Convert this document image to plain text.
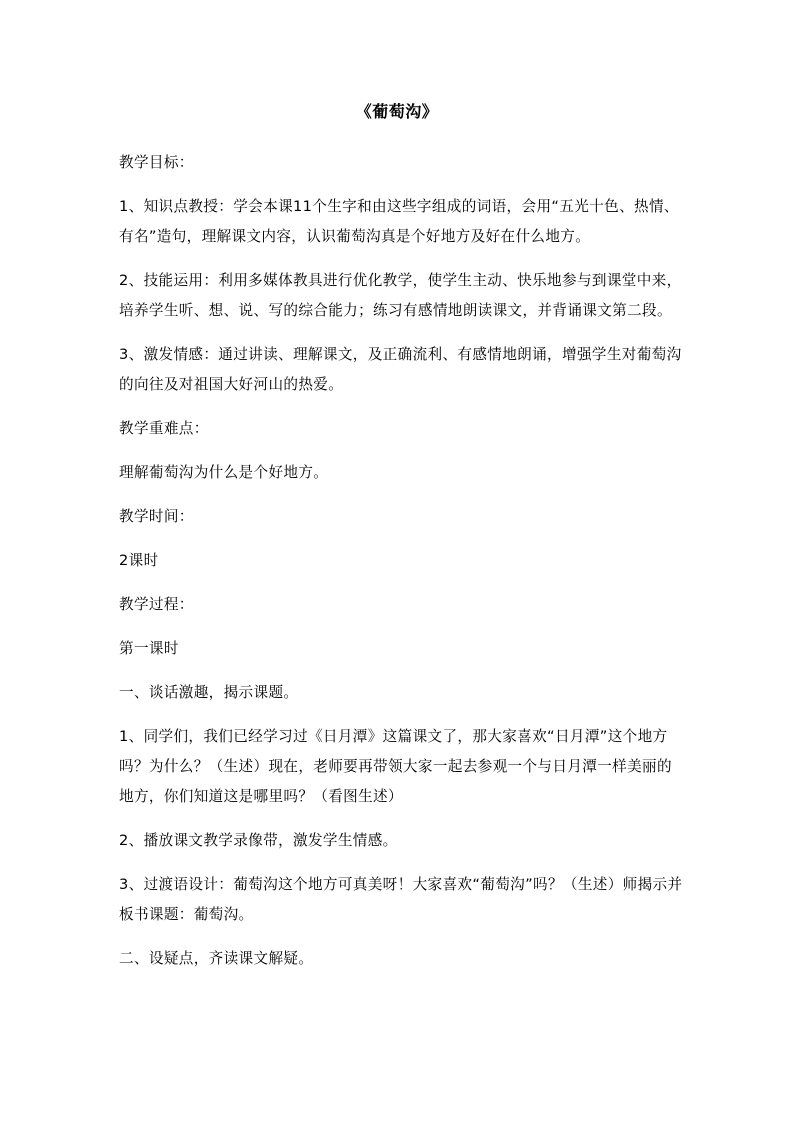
《葡萄沟》

教学目标：

1、知识点教授：学会本课11个生字和由这些字组成的词语，会用“五光十色、热情、有名”造句，理解课文内容，认识葡萄沟真是个好地方及好在什么地方。

2、技能运用：利用多媒体教具进行优化教学，使学生主动、快乐地参与到课堂中来，培养学生听、想、说、写的综合能力；练习有感情地朗读课文，并背诵课文第二段。

3、激发情感：通过讲读、理解课文，及正确流利、有感情地朗诵，增强学生对葡萄沟的向往及对祖国大好河山的热爱。

教学重难点：

理解葡萄沟为什么是个好地方。

教学时间：

2课时

教学过程：

第一课时

一、谈话激趣，揭示课题。

1、同学们，我们已经学习过《日月潭》这篇课文了，那大家喜欢“日月潭”这个地方吗？为什么？（生述）现在，老师要再带领大家一起去参观一个与日月潭一样美丽的地方，你们知道这是哪里吗？（看图生述）

2、播放课文教学录像带，激发学生情感。

3、过渡语设计：葡萄沟这个地方可真美呀！大家喜欢“葡萄沟”吗？（生述）师揭示并板书课题：葡萄沟。

二、设疑点，齐读课文解疑。
